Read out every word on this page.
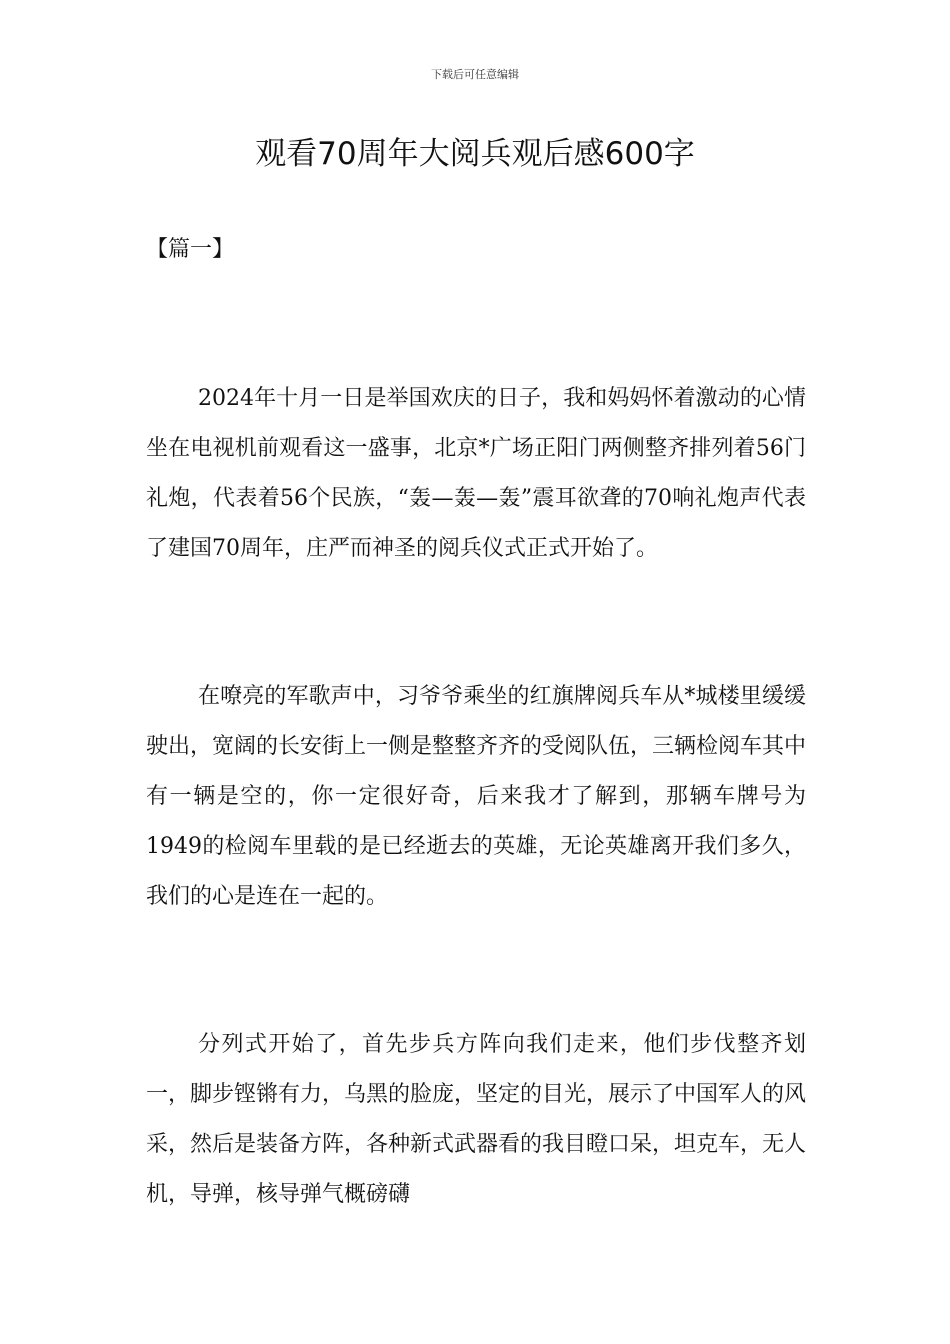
下载后可任意编辑
观看70周年大阅兵观后感600字

【篇一】

2024年十月一日是举国欢庆的日子，我和妈妈怀着激动的心情坐在电视机前观看这一盛事，北京*广场正阳门两侧整齐排列着56门礼炮，代表着56个民族，“轰—轰—轰”震耳欲聋的70响礼炮声代表了建国70周年，庄严而神圣的阅兵仪式正式开始了。

在嘹亮的军歌声中，习爷爷乘坐的红旗牌阅兵车从*城楼里缓缓驶出，宽阔的长安街上一侧是整整齐齐的受阅队伍，三辆检阅车其中有一辆是空的，你一定很好奇，后来我才了解到，那辆车牌号为1949的检阅车里载的是已经逝去的英雄，无论英雄离开我们多久，我们的心是连在一起的。

分列式开始了，首先步兵方阵向我们走来，他们步伐整齐划一，脚步铿锵有力，乌黑的脸庞，坚定的目光，展示了中国军人的风采，然后是装备方阵，各种新式武器看的我目瞪口呆，坦克车，无人机，导弹，核导弹气概磅礴
